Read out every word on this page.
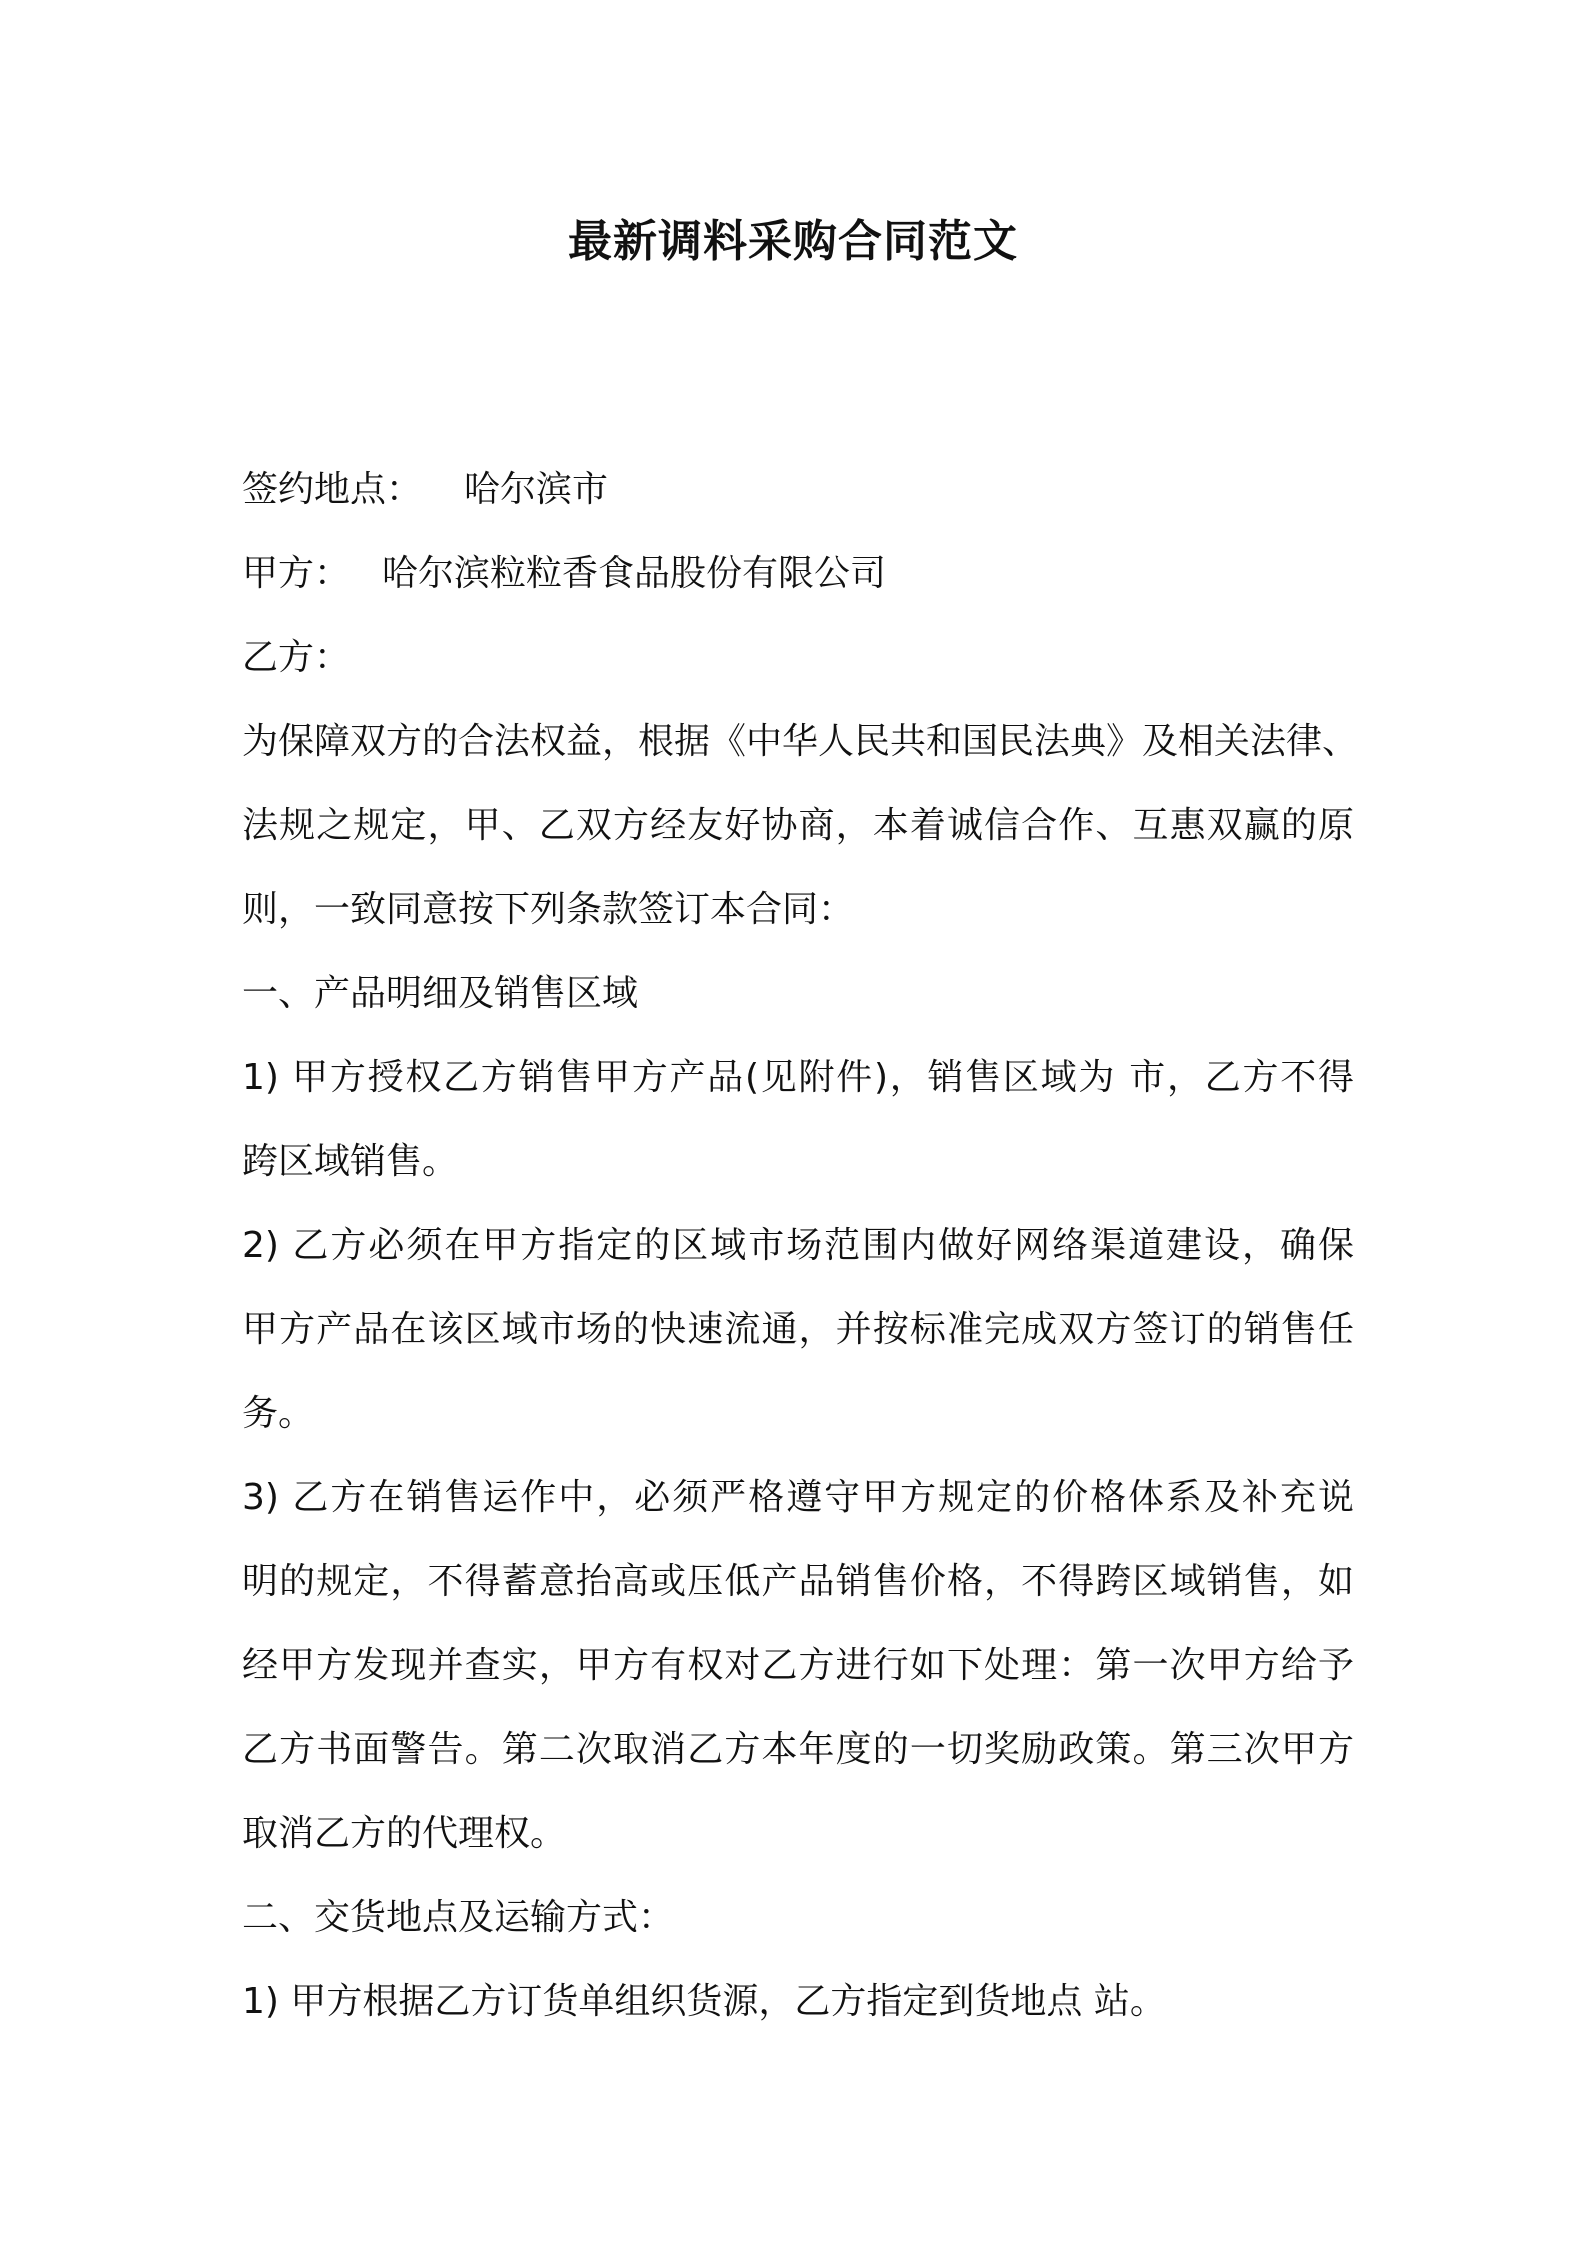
最新调料采购合同范文
签约地点： 哈尔滨市
甲方： 哈尔滨粒粒香食品股份有限公司
乙方：
为保障双方的合法权益，根据《中华人民共和国民法典》及相关法律、
法规之规定，甲、乙双方经友好协商，本着诚信合作、互惠双赢的原
则，一致同意按下列条款签订本合同：
一、产品明细及销售区域
1) 甲方授权乙方销售甲方产品(见附件)，销售区域为 市，乙方不得
跨区域销售。
2) 乙方必须在甲方指定的区域市场范围内做好网络渠道建设，确保
甲方产品在该区域市场的快速流通，并按标准完成双方签订的销售任
务。
3) 乙方在销售运作中，必须严格遵守甲方规定的价格体系及补充说
明的规定，不得蓄意抬高或压低产品销售价格，不得跨区域销售，如
经甲方发现并查实，甲方有权对乙方进行如下处理：第一次甲方给予
乙方书面警告。第二次取消乙方本年度的一切奖励政策。第三次甲方
取消乙方的代理权。
二、交货地点及运输方式：
1) 甲方根据乙方订货单组织货源，乙方指定到货地点 站。
